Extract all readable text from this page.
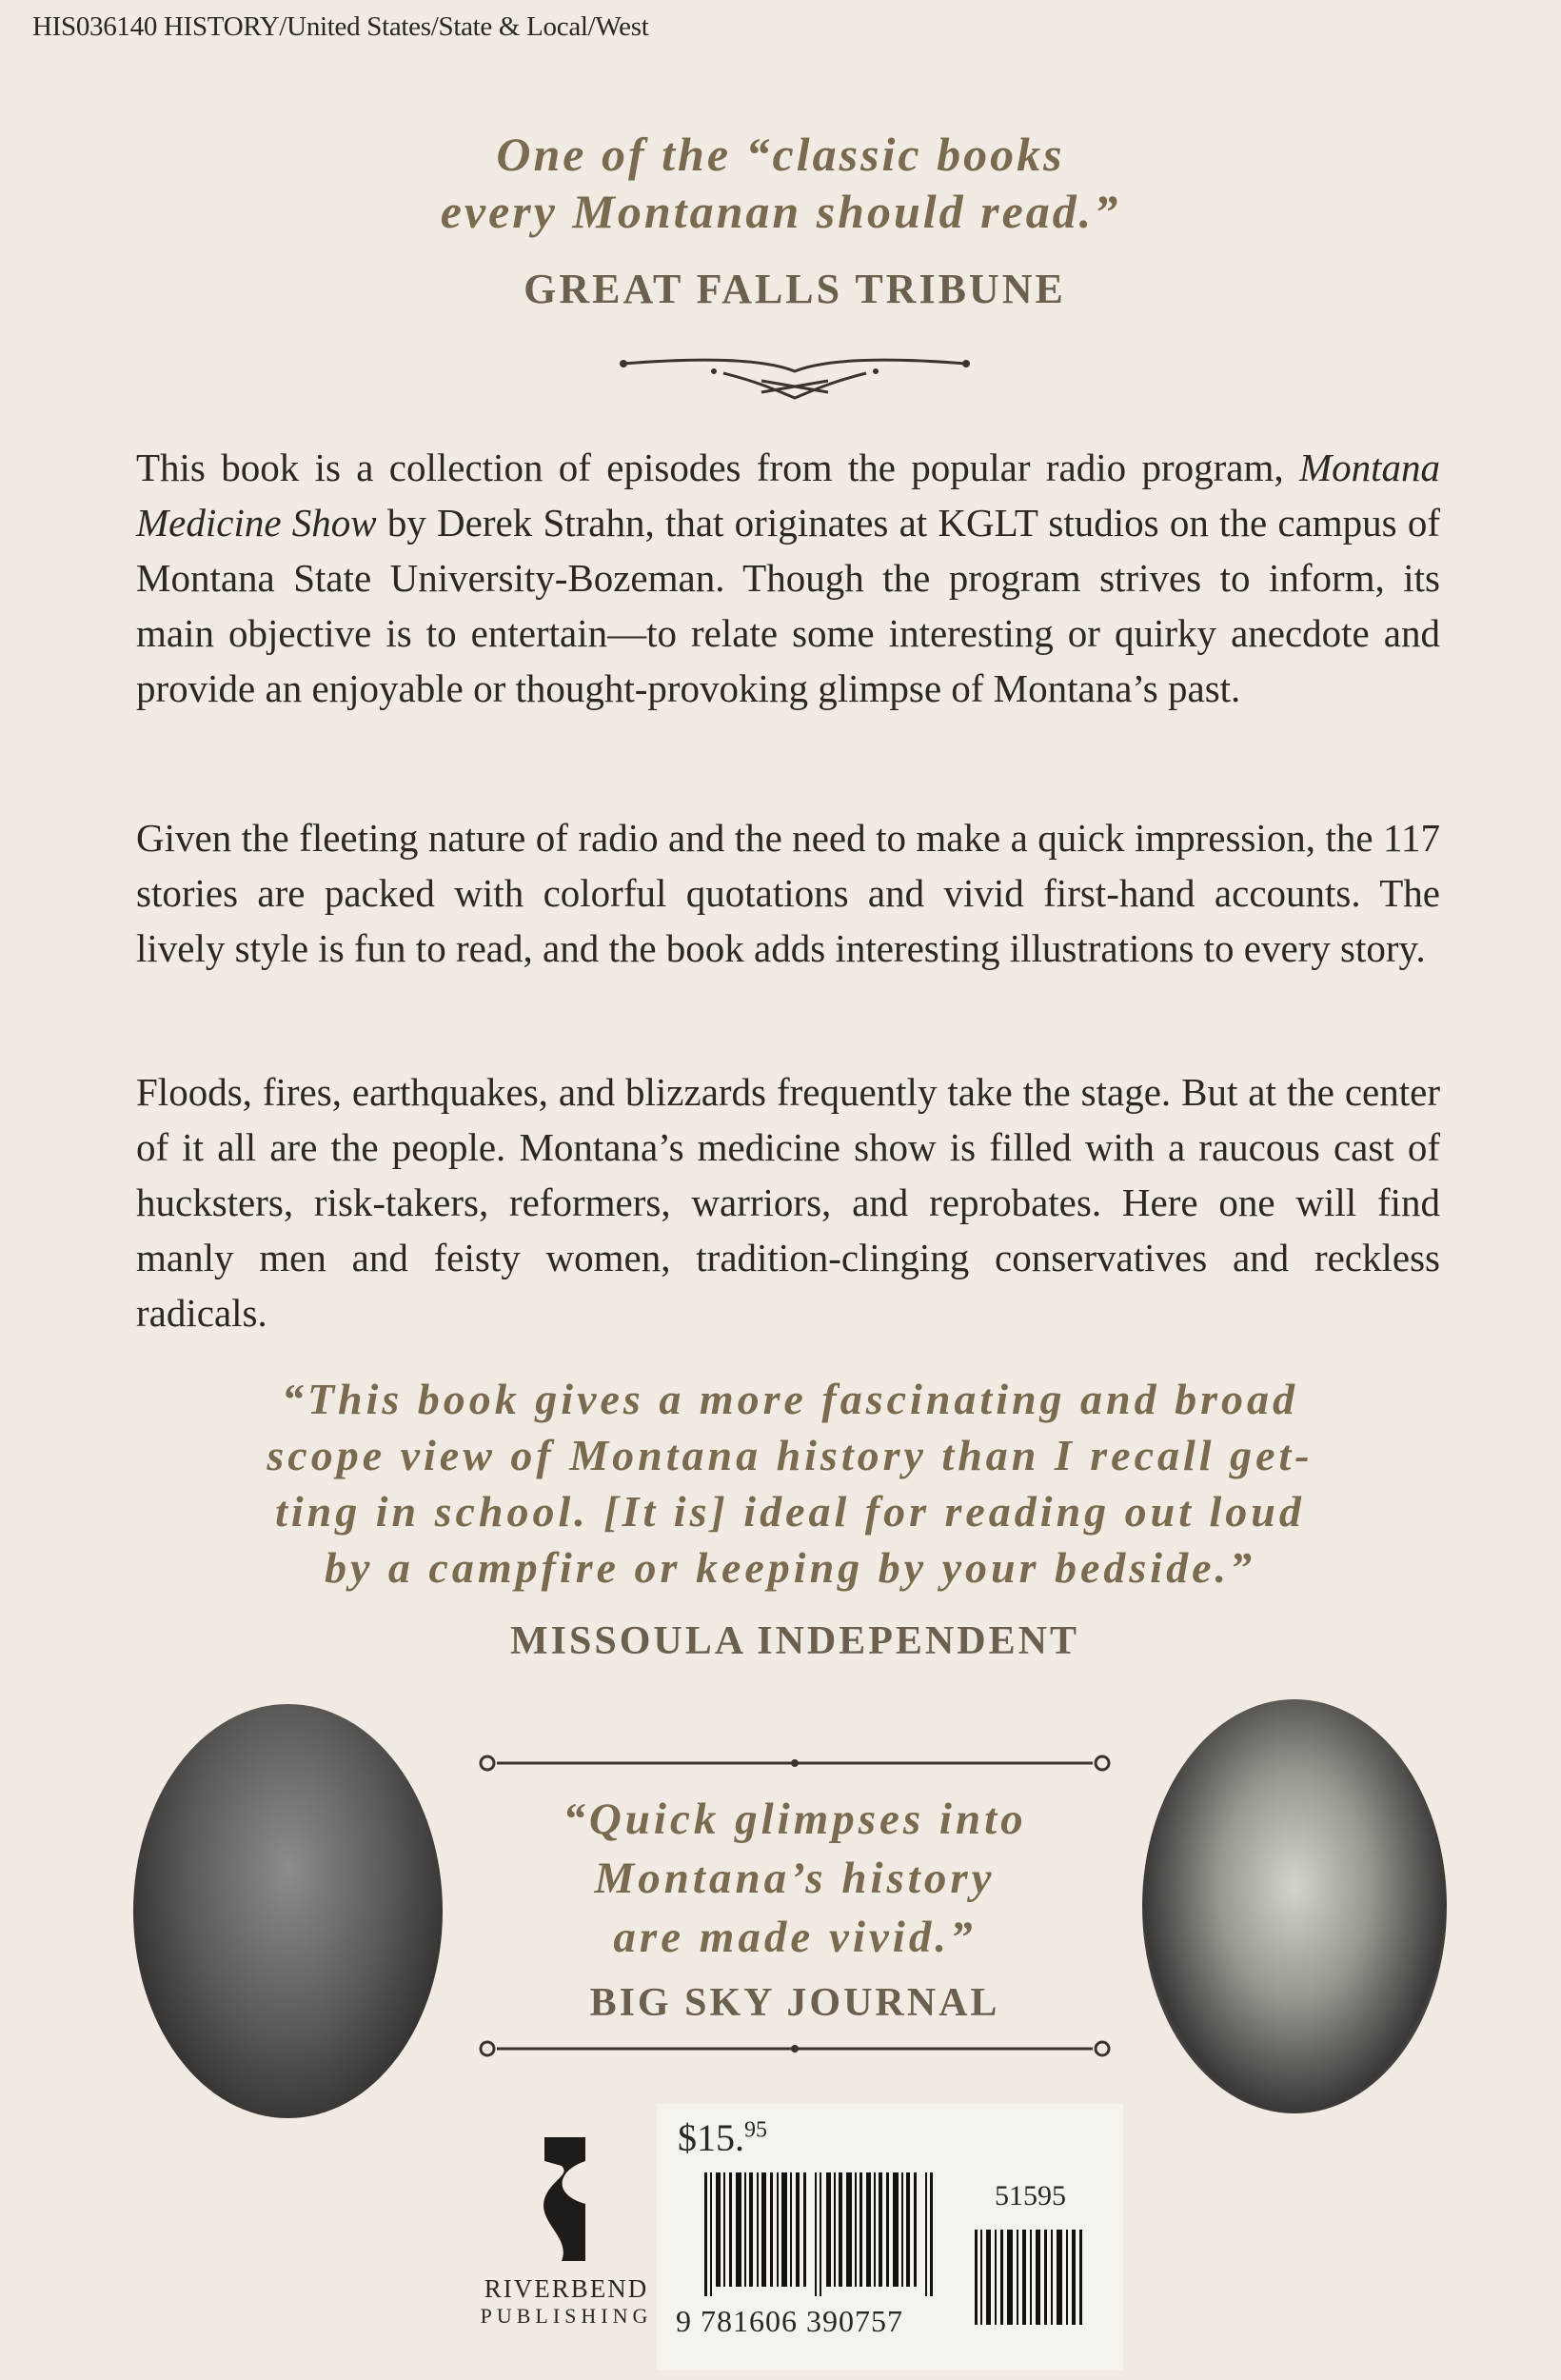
HIS036140 HISTORY/United States/State & Local/West
One of the “classic books
every Montanan should read.”
GREAT FALLS TRIBUNE
This book is a collection of episodes from the popular radio program, Montana Medicine Show by Derek Strahn, that originates at KGLT studios on the campus of Montana State University-Bozeman. Though the program strives to inform, its main objective is to entertain—to relate some interesting or quirky anecdote and provide an enjoyable or thought-provoking glimpse of Montana’s past.
Given the fleeting nature of radio and the need to make a quick impression, the 117 stories are packed with colorful quotations and vivid first-hand accounts. The lively style is fun to read, and the book adds interesting illustrations to every story.
Floods, fires, earthquakes, and blizzards frequently take the stage. But at the center of it all are the people. Montana’s medicine show is filled with a raucous cast of hucksters, risk-takers, reformers, warriors, and reprobates. Here one will find manly men and feisty women, tradition-clinging conservatives and reckless radicals.
“This book gives a more fascinating and broad
scope view of Montana history than I recall get-
ting in school. [It is] ideal for reading out loud
by a campfire or keeping by your bedside.”
MISSOULA INDEPENDENT
“Quick glimpses into
Montana’s history
are made vivid.”
BIG SKY JOURNAL
RIVERBEND
PUBLISHING
$15.95
51595
9 781606 390757
